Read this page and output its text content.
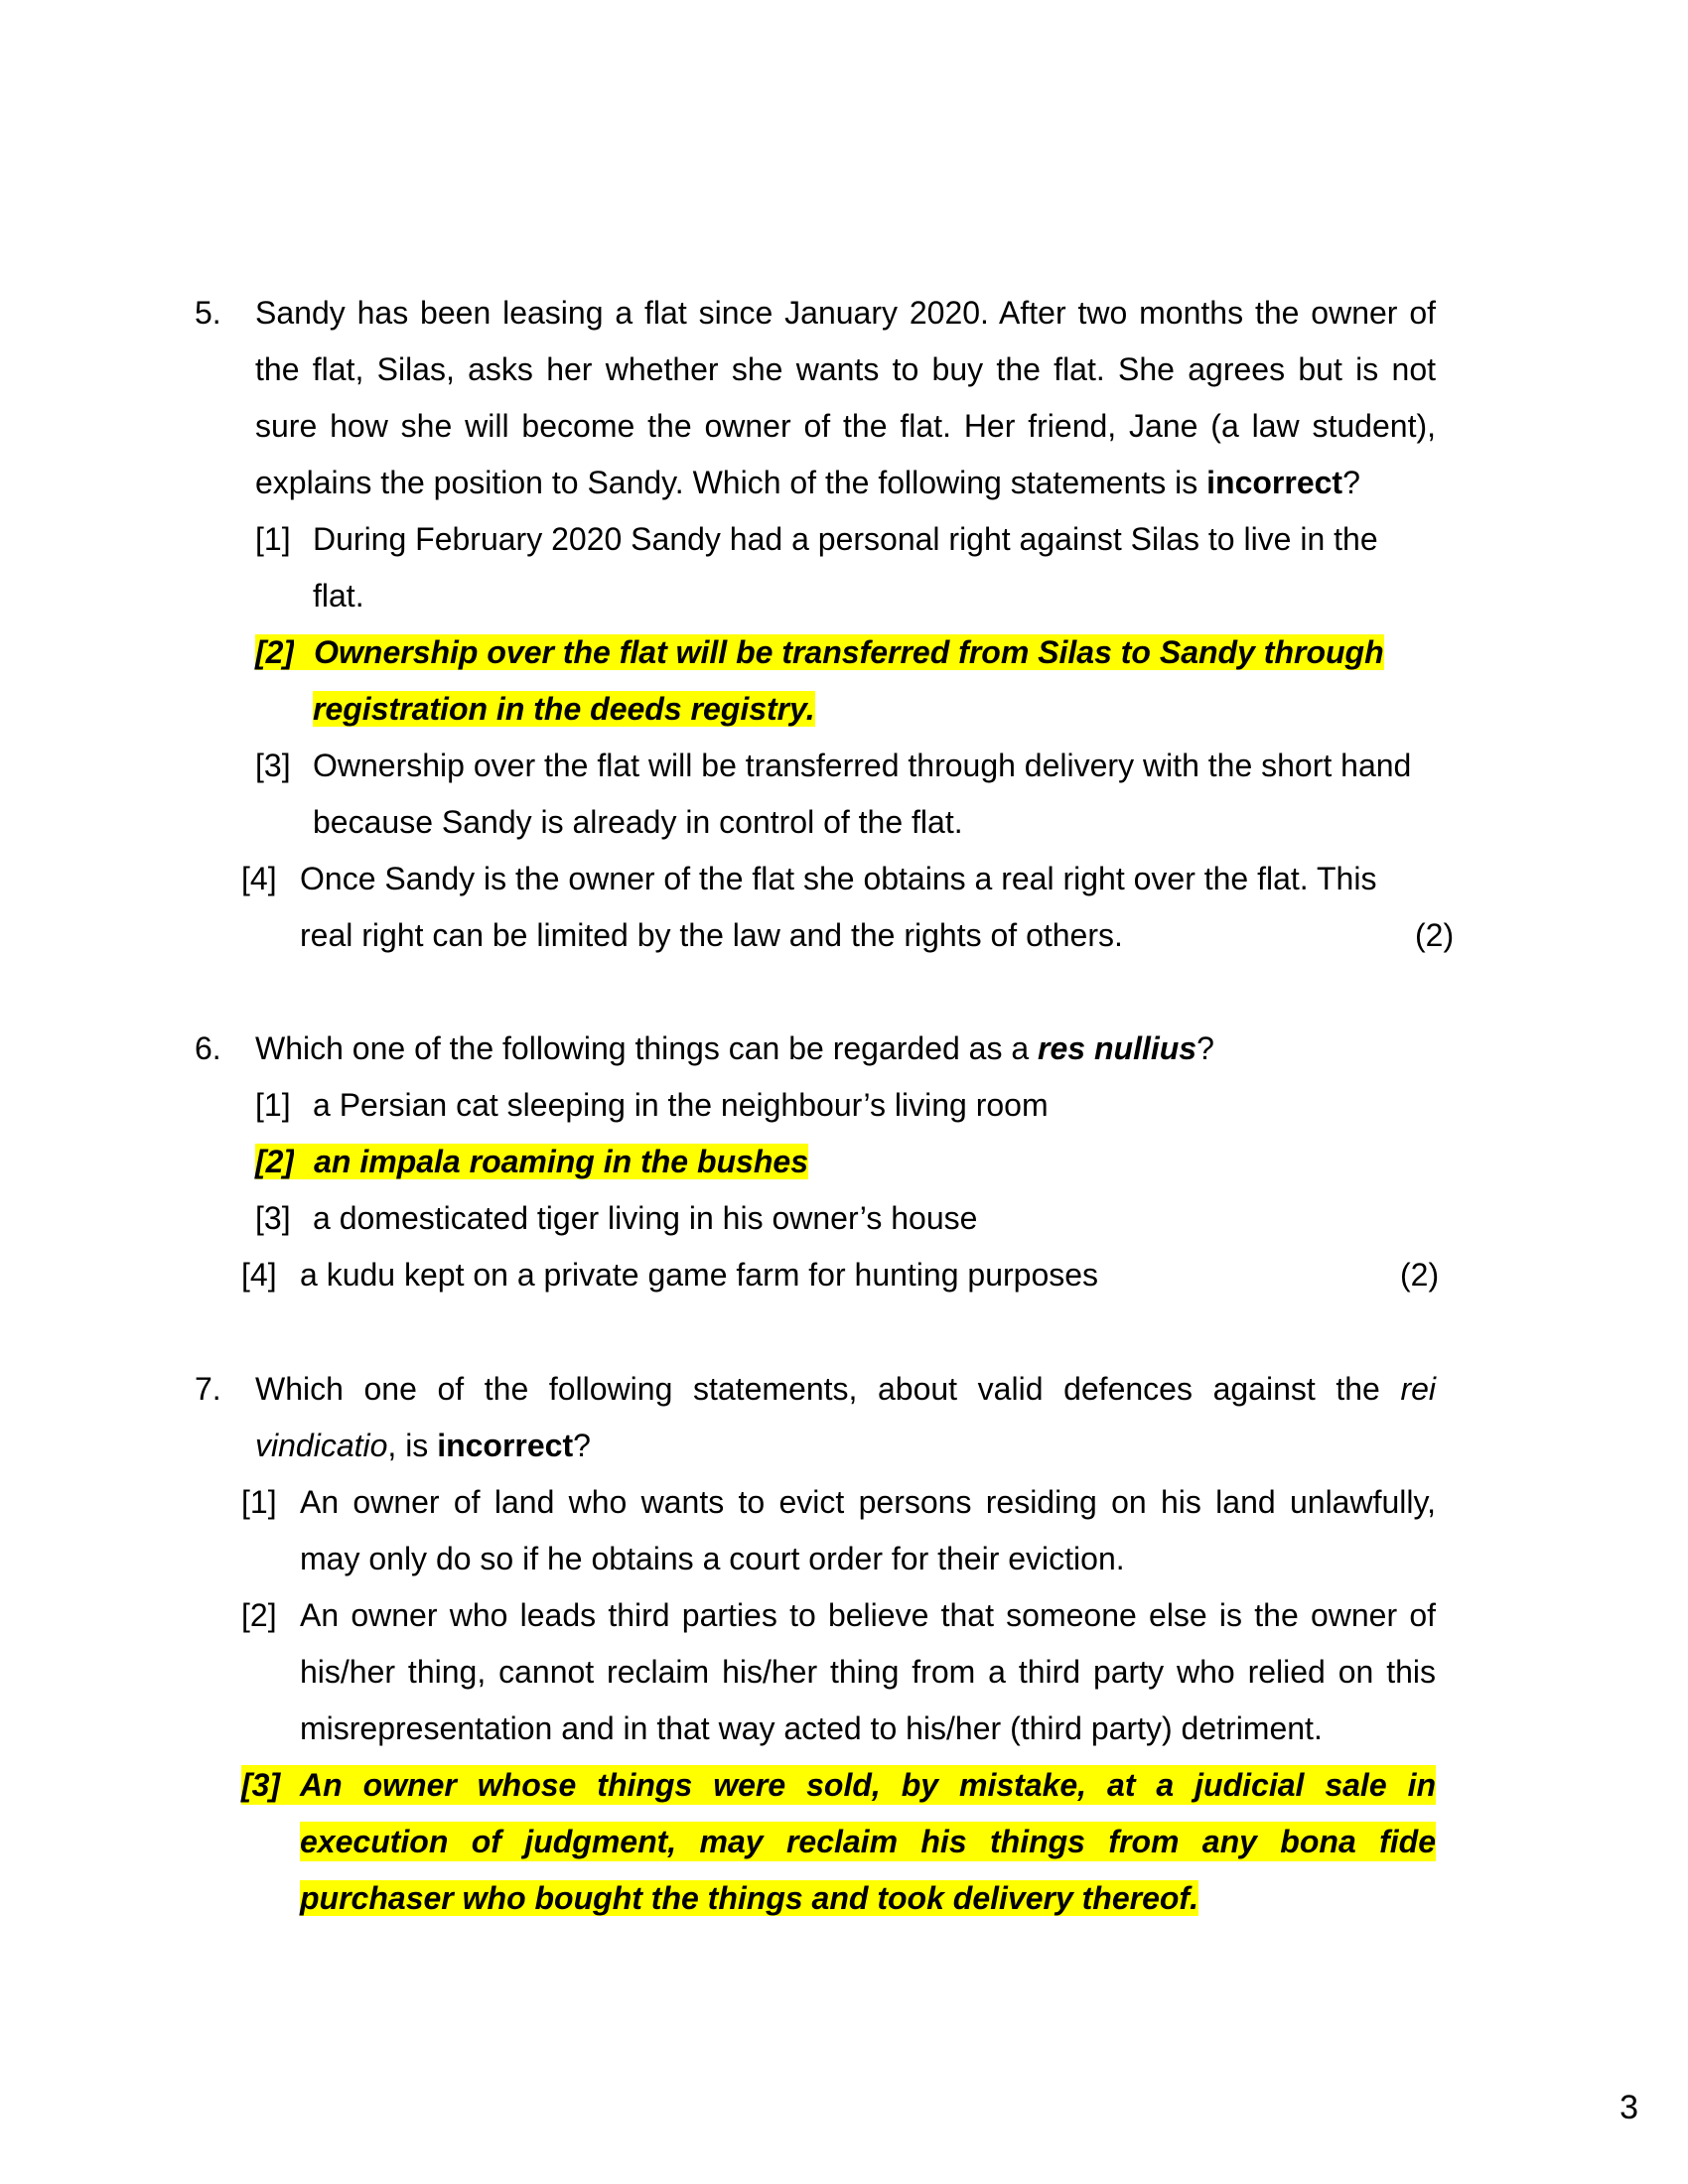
5. Sandy has been leasing a flat since January 2020. After two months the owner of
the flat, Silas, asks her whether she wants to buy the flat. She agrees but is not
sure how she will become the owner of the flat. Her friend, Jane (a law student),
explains the position to Sandy. Which of the following statements is incorrect?
[1] During February 2020 Sandy had a personal right against Silas to live in the
flat.
[2] Ownership over the flat will be transferred from Silas to Sandy through
registration in the deeds registry.
[3] Ownership over the flat will be transferred through delivery with the short hand
because Sandy is already in control of the flat.
[4] Once Sandy is the owner of the flat she obtains a real right over the flat. This
real right can be limited by the law and the rights of others.	(2)
6. Which one of the following things can be regarded as a res nullius?
[1] a Persian cat sleeping in the neighbour’s living room
[2] an impala roaming in the bushes
[3] a domesticated tiger living in his owner’s house
[4] a kudu kept on a private game farm for hunting purposes	(2)
7. Which one of the following statements, about valid defences against the rei
vindicatio, is incorrect?
[1] An owner of land who wants to evict persons residing on his land unlawfully,
may only do so if he obtains a court order for their eviction.
[2] An owner who leads third parties to believe that someone else is the owner of
his/her thing, cannot reclaim his/her thing from a third party who relied on this
misrepresentation and in that way acted to his/her (third party) detriment.
[3] An owner whose things were sold, by mistake, at a judicial sale in
execution of judgment, may reclaim his things from any bona fide
purchaser who bought the things and took delivery thereof.
3
